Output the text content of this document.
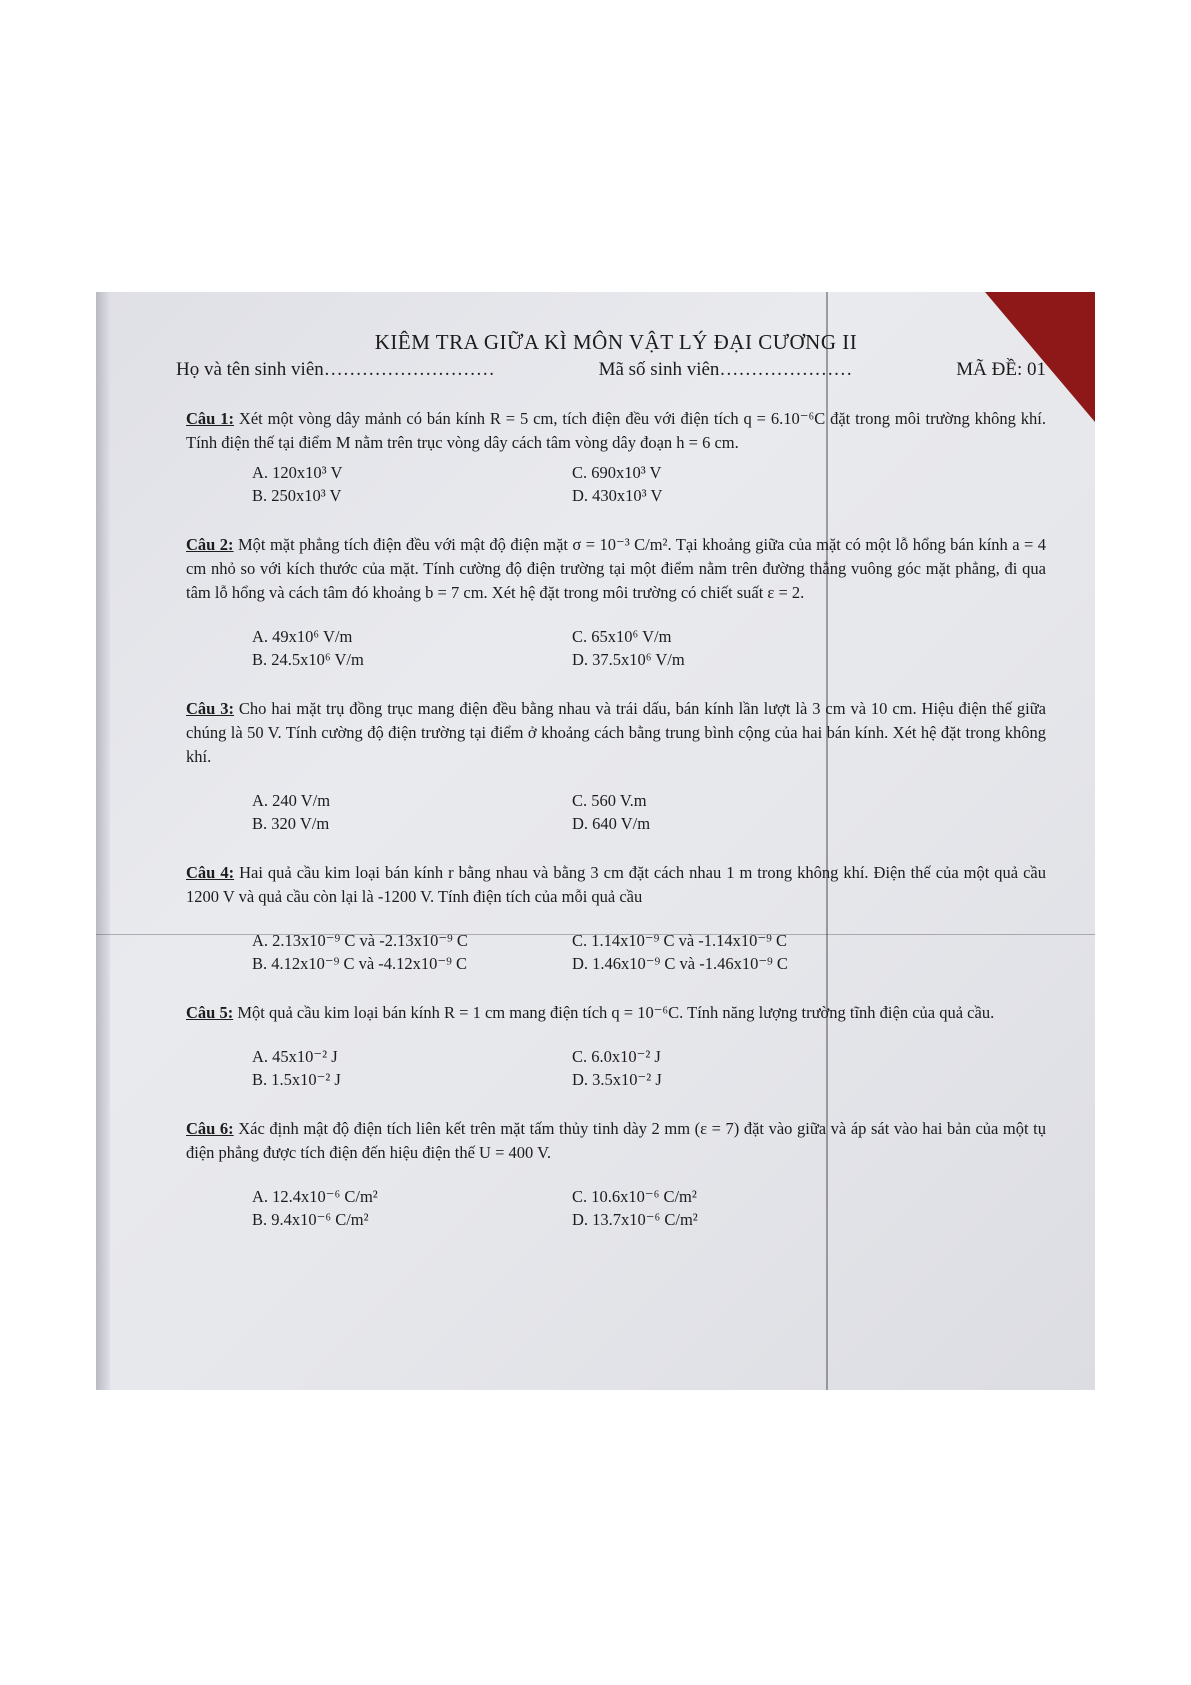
KIÊM TRA GIỮA KÌ MÔN VẬT LÝ ĐẠI CƯƠNG II

Họ và tên sinh viên………………………	Mã số sinh viên…………………	MÃ ĐỀ: 01
Câu 1: Xét một vòng dây mảnh có bán kính R = 5 cm, tích điện đều với điện tích q = 6.10⁻⁶C đặt trong môi trường không khí. Tính điện thế tại điểm M nằm trên trục vòng dây cách tâm vòng dây đoạn h = 6 cm.
A. 120x10³ V	C. 690x10³ V
B. 250x10³ V	D. 430x10³ V
Câu 2: Một mặt phẳng tích điện đều với mật độ điện mặt σ = 10⁻³ C/m². Tại khoảng giữa của mặt có một lỗ hổng bán kính a = 4 cm nhỏ so với kích thước của mặt. Tính cường độ điện trường tại một điểm nằm trên đường thẳng vuông góc mặt phẳng, đi qua tâm lỗ hổng và cách tâm đó khoảng b = 7 cm. Xét hệ đặt trong môi trường có chiết suất ε = 2.
A. 49x10⁶ V/m	C. 65x10⁶ V/m
B. 24.5x10⁶ V/m	D. 37.5x10⁶ V/m
Câu 3: Cho hai mặt trụ đồng trục mang điện đều bằng nhau và trái dấu, bán kính lần lượt là 3 cm và 10 cm. Hiệu điện thế giữa chúng là 50 V. Tính cường độ điện trường tại điểm ở khoảng cách bằng trung bình cộng của hai bán kính. Xét hệ đặt trong không khí.
A. 240 V/m	C. 560 V.m
B. 320 V/m	D. 640 V/m
Câu 4: Hai quả cầu kim loại bán kính r bằng nhau và bằng 3 cm đặt cách nhau 1 m trong không khí. Điện thế của một quả cầu 1200 V và quả cầu còn lại là -1200 V. Tính điện tích của mỗi quả cầu
A. 2.13x10⁻⁹ C và -2.13x10⁻⁹ C	C. 1.14x10⁻⁹ C và -1.14x10⁻⁹ C
B. 4.12x10⁻⁹ C và -4.12x10⁻⁹ C	D. 1.46x10⁻⁹ C và -1.46x10⁻⁹ C
Câu 5: Một quả cầu kim loại bán kính R = 1 cm mang điện tích q = 10⁻⁶C. Tính năng lượng trường tĩnh điện của quả cầu.
A. 45x10⁻² J	C. 6.0x10⁻² J
B. 1.5x10⁻² J	D. 3.5x10⁻² J
Câu 6: Xác định mật độ điện tích liên kết trên mặt tấm thủy tinh dày 2 mm (ε = 7) đặt vào giữa và áp sát vào hai bản của một tụ điện phẳng được tích điện đến hiệu điện thế U = 400 V.
A. 12.4x10⁻⁶ C/m²	C. 10.6x10⁻⁶ C/m²
B. 9.4x10⁻⁶ C/m²	D. 13.7x10⁻⁶ C/m²
